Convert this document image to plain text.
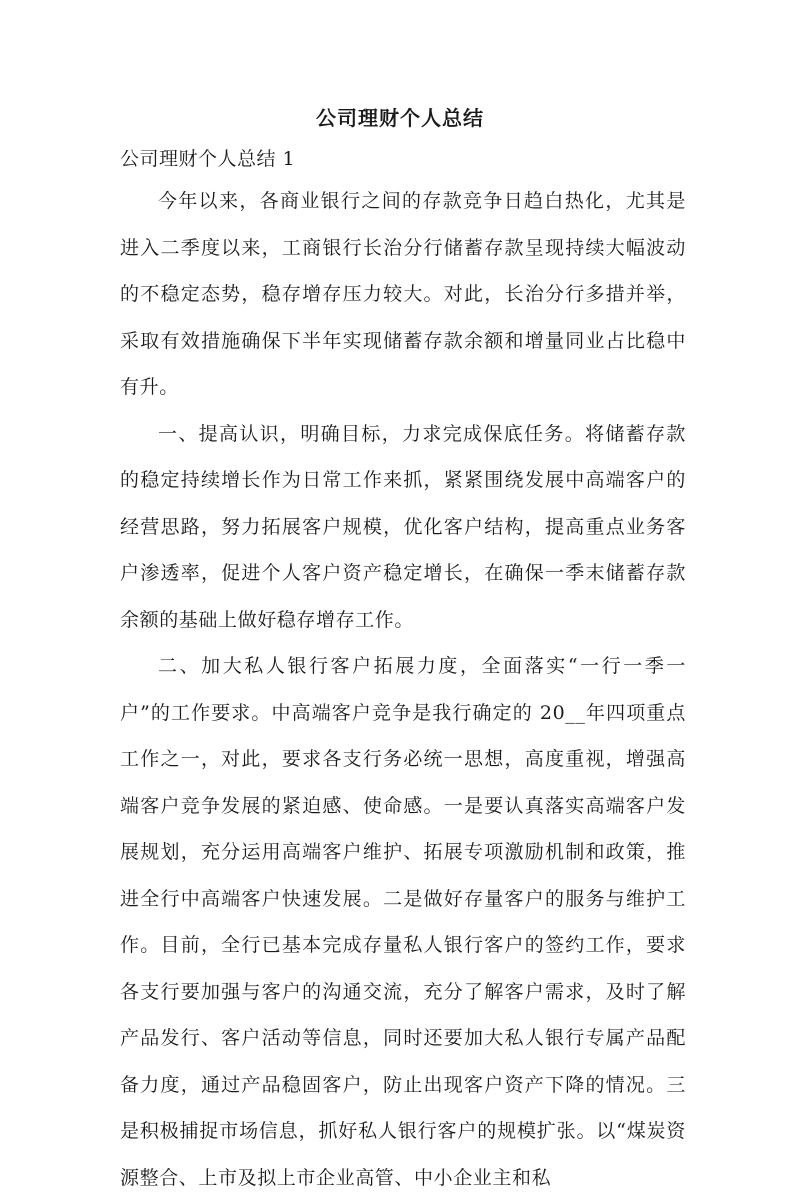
公司理财个人总结
公司理财个人总结 1

今年以来，各商业银行之间的存款竞争日趋白热化，尤其是进入二季度以来，工商银行长治分行储蓄存款呈现持续大幅波动的不稳定态势，稳存增存压力较大。对此，长治分行多措并举，采取有效措施确保下半年实现储蓄存款余额和增量同业占比稳中有升。

一、提高认识，明确目标，力求完成保底任务。将储蓄存款的稳定持续增长作为日常工作来抓，紧紧围绕发展中高端客户的经营思路，努力拓展客户规模，优化客户结构，提高重点业务客户渗透率，促进个人客户资产稳定增长，在确保一季末储蓄存款余额的基础上做好稳存增存工作。

二、加大私人银行客户拓展力度，全面落实“一行一季一户”的工作要求。中高端客户竞争是我行确定的 20__年四项重点工作之一，对此，要求各支行务必统一思想，高度重视，增强高端客户竞争发展的紧迫感、使命感。一是要认真落实高端客户发展规划，充分运用高端客户维护、拓展专项激励机制和政策，推进全行中高端客户快速发展。二是做好存量客户的服务与维护工作。目前，全行已基本完成存量私人银行客户的签约工作，要求各支行要加强与客户的沟通交流，充分了解客户需求，及时了解产品发行、客户活动等信息，同时还要加大私人银行专属产品配备力度，通过产品稳固客户，防止出现客户资产下降的情况。三是积极捕捉市场信息，抓好私人银行客户的规模扩张。以“煤炭资源整合、上市及拟上市企业高管、中小企业主和私
